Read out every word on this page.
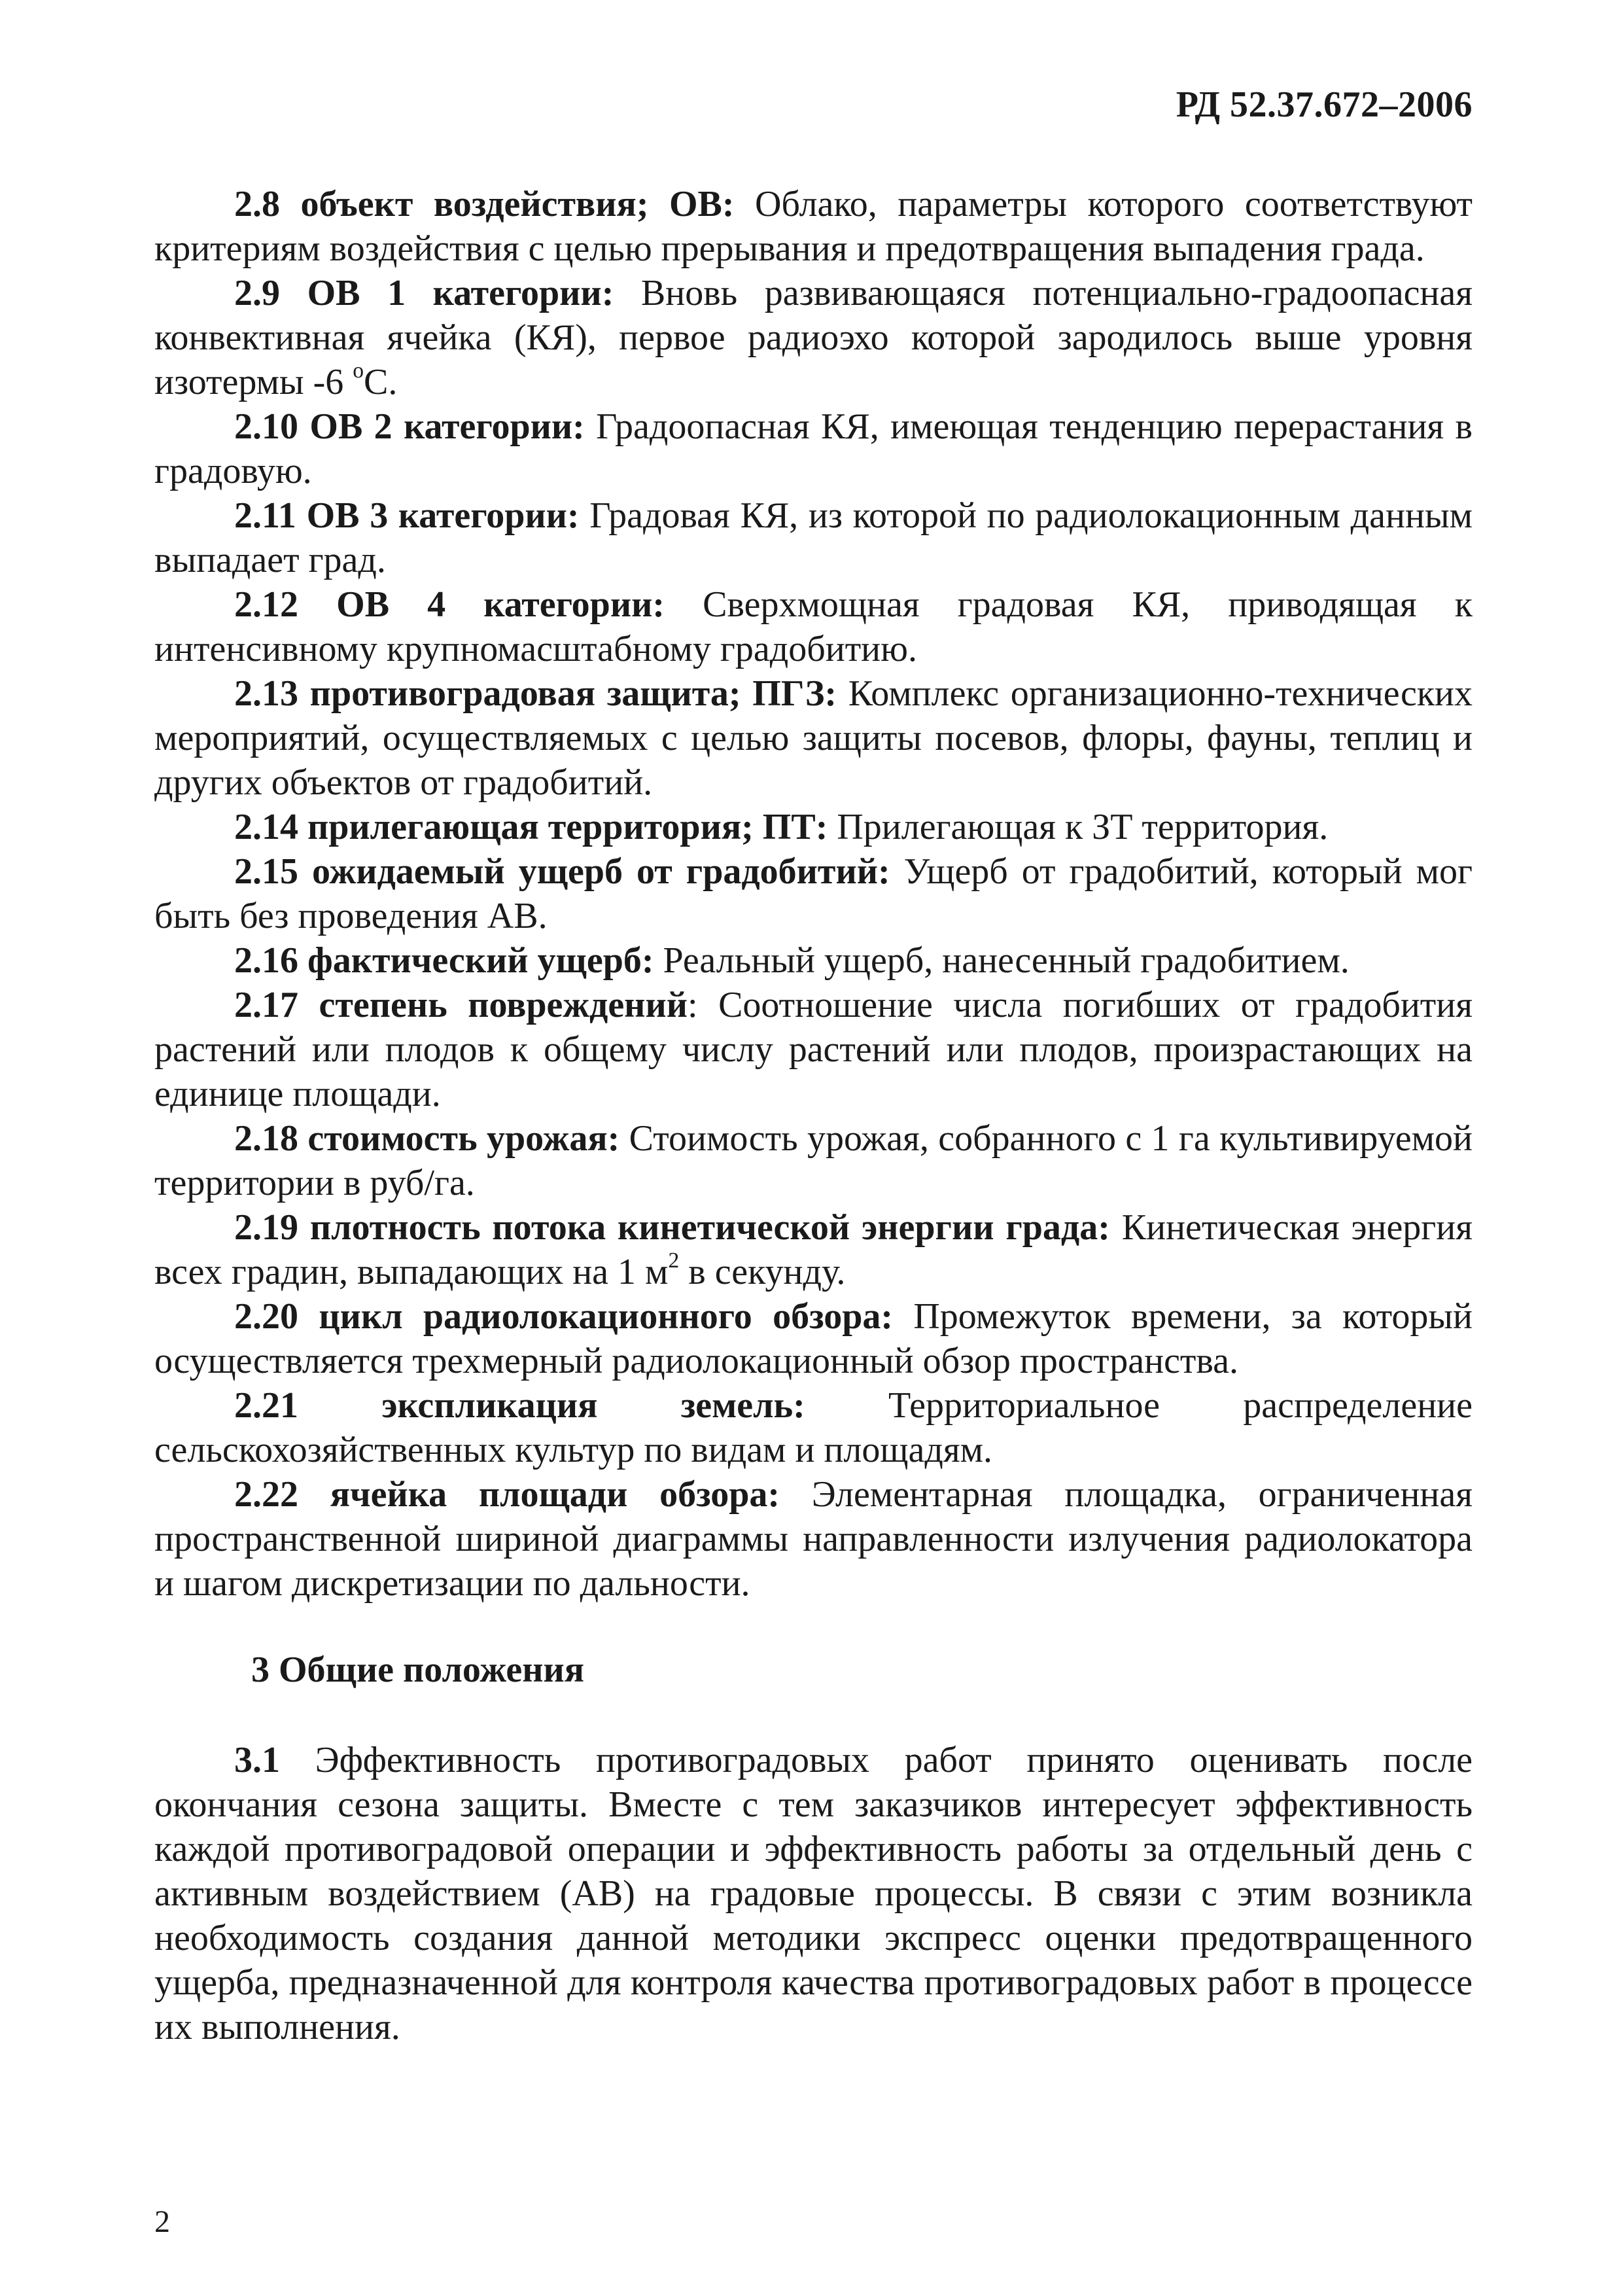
РД 52.37.672–2006

2.8 объект воздействия; ОВ: Облако, параметры которого соответствуют критериям воздействия с целью прерывания и предотвращения выпадения града.

2.9 ОВ 1 категории: Вновь развивающаяся потенциально-градоопасная конвективная ячейка (КЯ), первое радиоэхо которой зародилось выше уровня изотермы -6 $^о$С.

2.10 ОВ 2 категории: Градоопасная КЯ, имеющая тенденцию перерастания в градовую.

2.11 ОВ 3 категории: Градовая КЯ, из которой по радиолокационным данным выпадает град.

2.12 ОВ 4 категории: Сверхмощная градовая КЯ, приводящая к интенсивному крупномасштабному градобитию.

2.13 противоградовая защита; ПГЗ: Комплекс организационно-технических мероприятий, осуществляемых с целью защиты посевов, флоры, фауны, теплиц и других объектов от градобитий.

2.14 прилегающая территория; ПТ: Прилегающая к ЗТ территория.

2.15 ожидаемый ущерб от градобитий: Ущерб от градобитий, который мог быть без проведения АВ.

2.16 фактический ущерб: Реальный ущерб, нанесенный градобитием.

2.17 степень повреждений: Соотношение числа погибших от градобития растений или плодов к общему числу растений или плодов, произрастающих на единице площади.

2.18 стоимость урожая: Стоимость урожая, собранного с 1 га культивируемой территории в руб/га.

2.19 плотность потока кинетической энергии града: Кинетическая энергия всех градин, выпадающих на 1 $м^2$ в секунду.

2.20 цикл радиолокационного обзора: Промежуток времени, за который осуществляется трехмерный радиолокационный обзор пространства.

2.21 экспликация земель: Территориальное распределение сельскохозяйственных культур по видам и площадям.

2.22 ячейка площади обзора: Элементарная площадка, ограниченная пространственной шириной диаграммы направленности излучения радиолокатора и шагом дискретизации по дальности.

3 Общие положения

3.1 Эффективность противоградовых работ принято оценивать после окончания сезона защиты. Вместе с тем заказчиков интересует эффективность каждой противоградовой операции и эффективность работы за отдельный день с активным воздействием (АВ) на градовые процессы. В связи с этим возникла необходимость создания данной методики экспресс оценки предотвращенного ущерба, предназначенной для контроля качества противоградовых работ в процессе их выполнения.

2
